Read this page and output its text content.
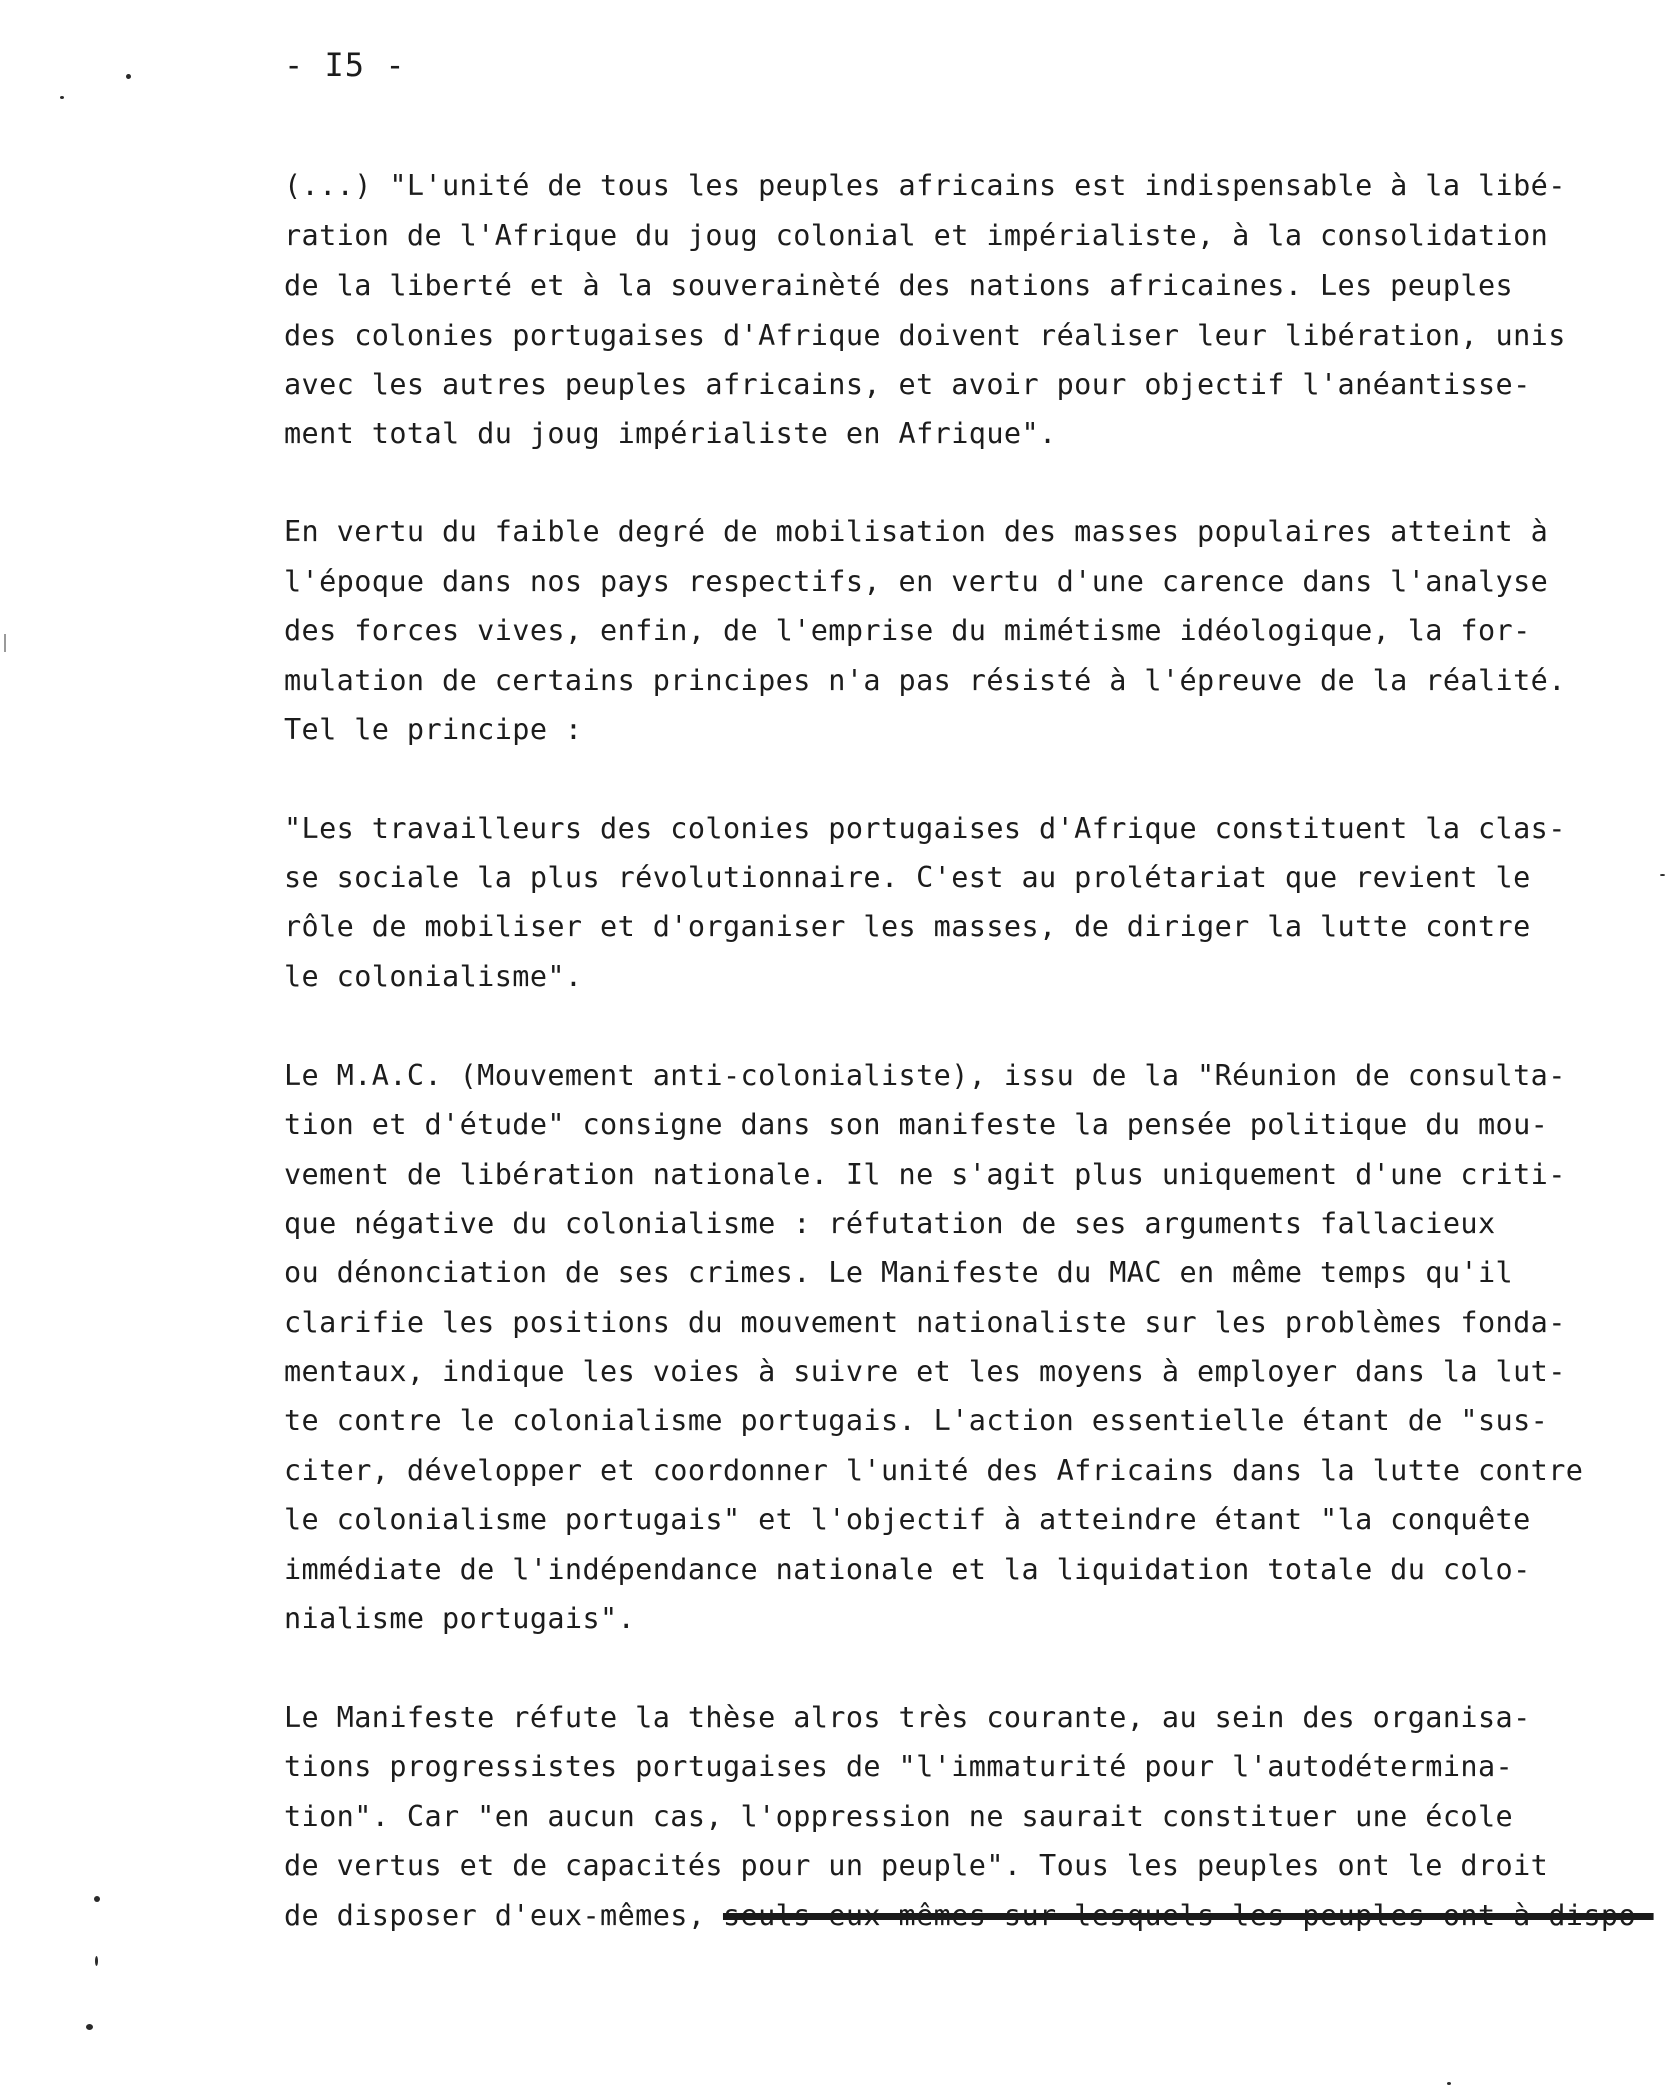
- I5 -
(...) "L'unité de tous les peuples africains est indispensable à la libé-
ration de l'Afrique du joug colonial et impérialiste, à la consolidation
de la liberté et à la souverainèté des nations africaines. Les peuples
des colonies portugaises d'Afrique doivent réaliser leur libération, unis
avec les autres peuples africains, et avoir pour objectif l'anéantisse-
ment total du joug impérialiste en Afrique".
En vertu du faible degré de mobilisation des masses populaires atteint à
l'époque dans nos pays respectifs, en vertu d'une carence dans l'analyse
des forces vives, enfin, de l'emprise du mimétisme idéologique, la for-
mulation de certains principes n'a pas résisté à l'épreuve de la réalité.
Tel le principe :
"Les travailleurs des colonies portugaises d'Afrique constituent la clas-
se sociale la plus révolutionnaire. C'est au prolétariat que revient le
rôle de mobiliser et d'organiser les masses, de diriger la lutte contre
le colonialisme".
Le M.A.C. (Mouvement anti-colonialiste), issu de la "Réunion de consulta-
tion et d'étude" consigne dans son manifeste la pensée politique du mou-
vement de libération nationale. Il ne s'agit plus uniquement d'une criti-
que négative du colonialisme : réfutation de ses arguments fallacieux
ou dénonciation de ses crimes. Le Manifeste du MAC en même temps qu'il
clarifie les positions du mouvement nationaliste sur les problèmes fonda-
mentaux, indique les voies à suivre et les moyens à employer dans la lut-
te contre le colonialisme portugais. L'action essentielle étant de "sus-
citer, développer et coordonner l'unité des Africains dans la lutte contre
le colonialisme portugais" et l'objectif à atteindre étant "la conquête
immédiate de l'indépendance nationale et la liquidation totale du colo-
nialisme portugais".
Le Manifeste réfute la thèse alros très courante, au sein des organisa-
tions progressistes portugaises de "l'immaturité pour l'autodétermina-
tion". Car "en aucun cas, l'oppression ne saurait constituer une école
de vertus et de capacités pour un peuple". Tous les peuples ont le droit
de disposer d'eux-mêmes, seuls eux-mêmes sur lesquels les peuples ont à dispo-
